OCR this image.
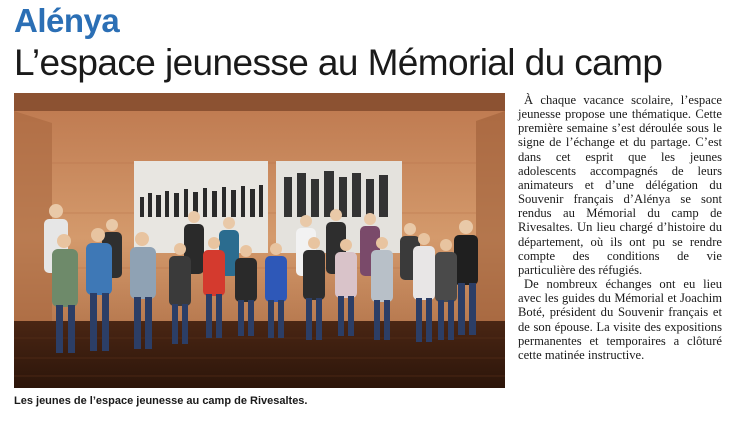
Alénya
L’espace jeunesse au Mémorial du camp
Les jeunes de l’espace jeunesse au camp de Rivesaltes.

À chaque vacance scolaire, l’espace jeunesse propose une thématique. Cette première semaine s’est déroulée sous le signe de l’échange et du partage. C’est dans cet esprit que les jeunes adolescents accompagnés de leurs animateurs et d’une délégation du Souvenir français d’Alénya se sont rendus au Mémorial du camp de Rivesaltes. Un lieu chargé d’histoire du département, où ils ont pu se rendre compte des conditions de vie particulière des réfugiés.

De nombreux échanges ont eu lieu avec les guides du Mémorial et Joachim Boté, président du Souvenir français et de son épouse. La visite des expositions permanentes et temporaires a clôturé cette matinée instructive.
